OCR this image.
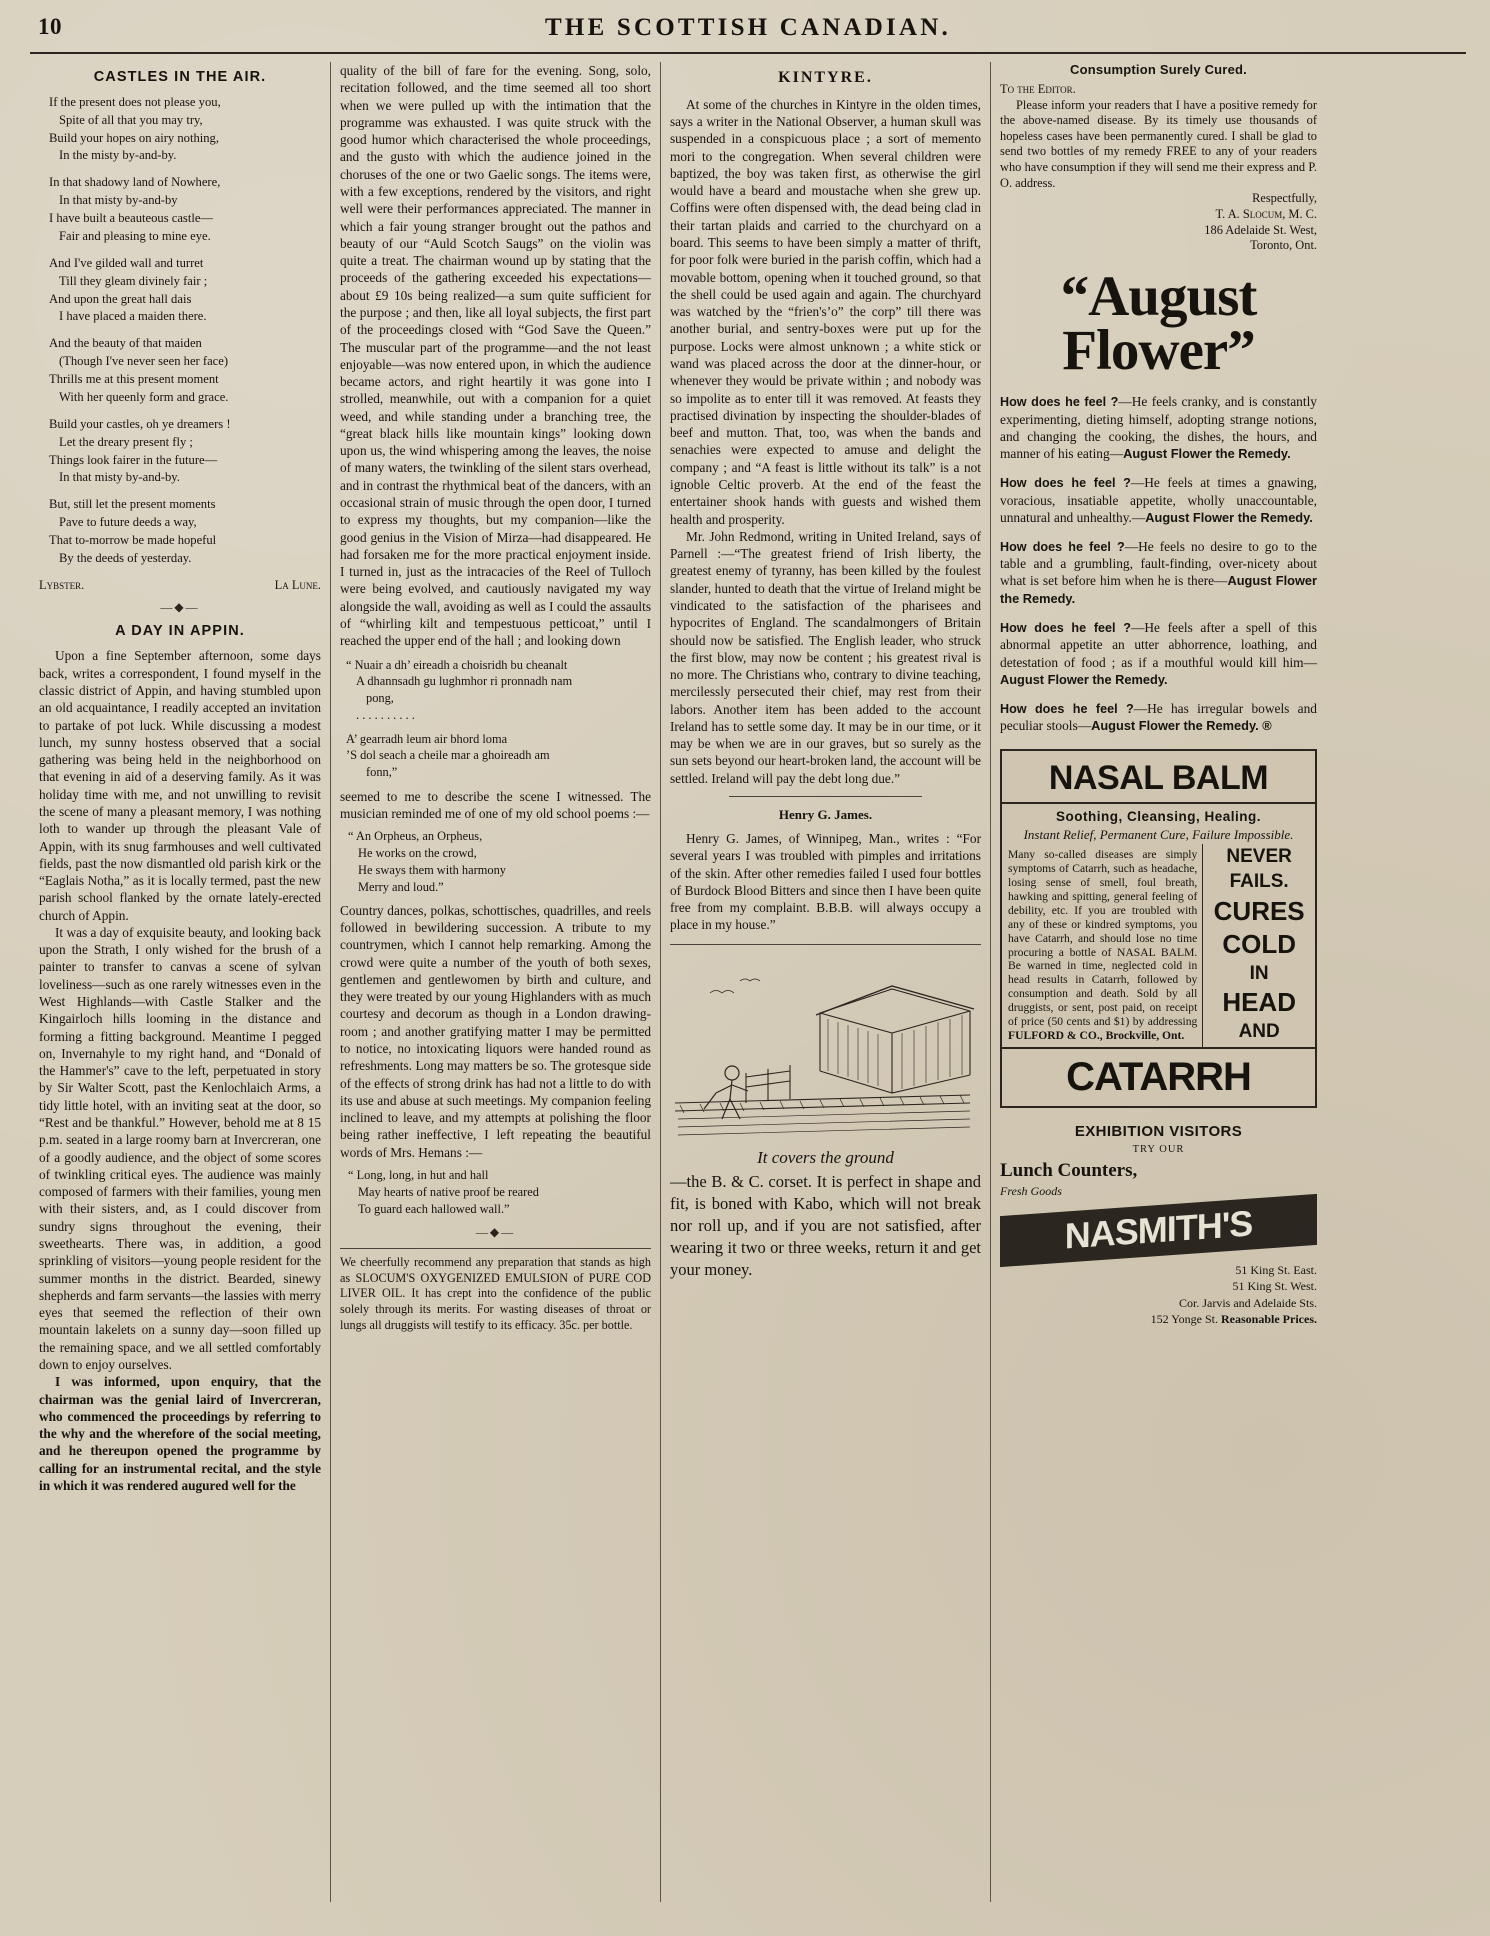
10	THE SCOTTISH CANADIAN.
CASTLES IN THE AIR.
If the present does not please you,
Spite of all that you may try,
Build your hopes on airy nothing,
In the misty by-and-by.
In that shadowy land of Nowhere,
In that misty by-and-by
I have built a beauteous castle—
Fair and pleasing to mine eye.
And I've gilded wall and turret
Till they gleam divinely fair ;
And upon the great hall dais
I have placed a maiden there.
And the beauty of that maiden
(Though I've never seen her face)
Thrills me at this present moment
With her queenly form and grace.
Build your castles, oh ye dreamers !
Let the dreary present fly ;
Things look fairer in the future—
In that misty by-and-by.
But, still let the present moments
Pave to future deeds a way,
That to-morrow be made hopeful
By the deeds of yesterday.
Lybster.	La Lune.
—◆—
A DAY IN APPIN.

Upon a fine September afternoon, some days back, writes a correspondent, I found myself in the classic district of Appin, and having stumbled upon an old acquaintance, I readily accepted an invitation to partake of pot luck. While discussing a modest lunch, my sunny hostess observed that a social gathering was being held in the neighborhood on that evening in aid of a deserving family. As it was holiday time with me, and not unwilling to revisit the scene of many a pleasant memory, I was nothing loth to wander up through the pleasant Vale of Appin, with its snug farmhouses and well cultivated fields, past the now dismantled old parish kirk or the “Eaglais Notha,” as it is locally termed, past the new parish school flanked by the ornate lately-erected church of Appin.

It was a day of exquisite beauty, and looking back upon the Strath, I only wished for the brush of a painter to transfer to canvas a scene of sylvan loveliness—such as one rarely witnesses even in the West Highlands—with Castle Stalker and the Kingairloch hills looming in the distance and forming a fitting background. Meantime I pegged on, Invernahyle to my right hand, and “Donald of the Hammer's” cave to the left, perpetuated in story by Sir Walter Scott, past the Kenlochlaich Arms, a tidy little hotel, with an inviting seat at the door, so “Rest and be thankful.” However, behold me at 8 15 p.m. seated in a large roomy barn at Invercreran, one of a goodly audience, and the object of some scores of twinkling critical eyes. The audience was mainly composed of farmers with their families, young men with their sisters, and, as I could discover from sundry signs throughout the evening, their sweethearts. There was, in addition, a good sprinkling of visitors—young people resident for the summer months in the district. Bearded, sinewy shepherds and farm servants—the lassies with merry eyes that seemed the reflection of their own mountain lakelets on a sunny day—soon filled up the remaining space, and we all settled comfortably down to enjoy ourselves.

I was informed, upon enquiry, that the chairman was the genial laird of Invercreran, who commenced the proceedings by referring to the why and the wherefore of the social meeting, and he thereupon opened the programme by calling for an instrumental recital, and the style in which it was rendered augured well for the

quality of the bill of fare for the evening. Song, solo, recitation followed, and the time seemed all too short when we were pulled up with the intimation that the programme was exhausted. I was quite struck with the good humor which characterised the whole proceedings, and the gusto with which the audience joined in the choruses of the one or two Gaelic songs. The items were, with a few exceptions, rendered by the visitors, and right well were their performances appreciated. The manner in which a fair young stranger brought out the pathos and beauty of our “Auld Scotch Saugs” on the violin was quite a treat. The chairman wound up by stating that the proceeds of the gathering exceeded his expectations—about £9 10s being realized—a sum quite sufficient for the purpose ; and then, like all loyal subjects, the first part of the proceedings closed with “God Save the Queen.” The muscular part of the programme—and the not least enjoyable—was now entered upon, in which the audience became actors, and right heartily it was gone into I strolled, meanwhile, out with a companion for a quiet weed, and while standing under a branching tree, the “great black hills like mountain kings” looking down upon us, the wind whispering among the leaves, the noise of many waters, the twinkling of the silent stars overhead, and in contrast the rhythmical beat of the dancers, with an occasional strain of music through the open door, I turned to express my thoughts, but my companion—like the good genius in the Vision of Mirza—had disappeared. He had forsaken me for the more practical enjoyment inside. I turned in, just as the intracacies of the Reel of Tulloch were being evolved, and cautiously navigated my way alongside the wall, avoiding as well as I could the assaults of “whirling kilt and tempestuous petticoat,” until I reached the upper end of the hall ; and looking down

“ Nuair a dh’ eireadh a choisridh bu cheanalt
A dhannsadh gu lughmhor ri pronnadh nam
pong,
. . . . . . . . . .
A’ gearradh leum air bhord loma
’S dol seach a cheile mar a ghoireadh am
fonn,”

seemed to me to describe the scene I witnessed. The musician reminded me of one of my old school poems :—

“ An Orpheus, an Orpheus,
He works on the crowd,
He sways them with harmony
Merry and loud.”

Country dances, polkas, schottisches, quadrilles, and reels followed in bewildering succession. A tribute to my countrymen, which I cannot help remarking. Among the crowd were quite a number of the youth of both sexes, gentlemen and gentlewomen by birth and culture, and they were treated by our young Highlanders with as much courtesy and decorum as though in a London drawing-room ; and another gratifying matter I may be permitted to notice, no intoxicating liquors were handed round as refreshments. Long may matters be so. The grotesque side of the effects of strong drink has had not a little to do with its use and abuse at such meetings. My companion feeling inclined to leave, and my attempts at polishing the floor being rather ineffective, I left repeating the beautiful words of Mrs. Hemans :—

“ Long, long, in hut and hall
May hearts of native proof be reared
To guard each hallowed wall.”
—◆—
We cheerfully recommend any preparation that stands as high as SLOCUM'S OXYGENIZED EMULSION of PURE COD LIVER OIL. It has crept into the confidence of the public solely through its merits. For wasting diseases of throat or lungs all druggists will testify to its efficacy. 35c. per bottle.
KINTYRE.

At some of the churches in Kintyre in the olden times, says a writer in the National Observer, a human skull was suspended in a conspicuous place ; a sort of memento mori to the congregation. When several children were baptized, the boy was taken first, as otherwise the girl would have a beard and moustache when she grew up. Coffins were often dispensed with, the dead being clad in their tartan plaids and carried to the churchyard on a board. This seems to have been simply a matter of thrift, for poor folk were buried in the parish coffin, which had a movable bottom, opening when it touched ground, so that the shell could be used again and again. The churchyard was watched by the “frien's’o” the corp” till there was another burial, and sentry-boxes were put up for the purpose. Locks were almost unknown ; a white stick or wand was placed across the door at the dinner-hour, or whenever they would be private within ; and nobody was so impolite as to enter till it was removed. At feasts they practised divination by inspecting the shoulder-blades of beef and mutton. That, too, was when the bands and senachies were expected to amuse and delight the company ; and “A feast is little without its talk” is a not ignoble Celtic proverb. At the end of the feast the entertainer shook hands with guests and wished them health and prosperity.

Mr. John Redmond, writing in United Ireland, says of Parnell :—“The greatest friend of Irish liberty, the greatest enemy of tyranny, has been killed by the foulest slander, hunted to death that the virtue of Ireland might be vindicated to the satisfaction of the pharisees and hypocrites of England. The scandalmongers of Britain should now be satisfied. The English leader, who struck the first blow, may now be content ; his greatest rival is no more. The Christians who, contrary to divine teaching, mercilessly persecuted their chief, may rest from their labors. Another item has been added to the account Ireland has to settle some day. It may be in our time, or it may be when we are in our graves, but so surely as the sun sets beyond our heart-broken land, the account will be settled. Ireland will pay the debt long due.”

Henry G. James.

Henry G. James, of Winnipeg, Man., writes : “For several years I was troubled with pimples and irritations of the skin. After other remedies failed I used four bottles of Burdock Blood Bitters and since then I have been quite free from my complaint. B.B.B. will always occupy a place in my house.”

It covers the ground
—the B. & C. corset. It is perfect in shape and fit, is boned with Kabo, which will not break nor roll up, and if you are not satisfied, after wearing it two or three weeks, return it and get your money.
Consumption Surely Cured.
To the Editor.

Please inform your readers that I have a positive remedy for the above-named disease. By its timely use thousands of hopeless cases have been permanently cured. I shall be glad to send two bottles of my remedy FREE to any of your readers who have consumption if they will send me their express and P. O. address.

Respectfully,
T. A. Slocum, M. C.
186 Adelaide St. West,
Toronto, Ont.
“August
Flower”
How does he feel ?—He feels cranky, and is constantly experimenting, dieting himself, adopting strange notions, and changing the cooking, the dishes, the hours, and manner of his eating—August Flower the Remedy.
How does he feel ?—He feels at times a gnawing, voracious, insatiable appetite, wholly unaccountable, unnatural and unhealthy.—August Flower the Remedy.
How does he feel ?—He feels no desire to go to the table and a grumbling, fault-finding, over-nicety about what is set before him when he is there—August Flower the Remedy.
How does he feel ?—He feels after a spell of this abnormal appetite an utter abhorrence, loathing, and detestation of food ; as if a mouthful would kill him—August Flower the Remedy.
How does he feel ?—He has irregular bowels and peculiar stools—August Flower the Remedy. ®
NASAL BALM
Soothing, Cleansing, Healing.
Instant Relief, Permanent Cure, Failure Impossible.
Many so-called diseases are simply symptoms of Catarrh, such as headache, losing sense of smell, foul breath, hawking and spitting, general feeling of debility, etc. If you are troubled with any of these or kindred symptoms, you have Catarrh, and should lose no time procuring a bottle of NASAL BALM. Be warned in time, neglected cold in head results in Catarrh, followed by consumption and death. Sold by all druggists, or sent, post paid, on receipt of price (50 cents and $1) by addressing FULFORD & CO., Brockville, Ont.
NEVER
FAILS.
CURES
COLD
IN
HEAD
AND
CATARRH
EXHIBITION VISITORS
TRY OUR
Lunch Counters,
Fresh Goods
NASMITH'S
51 King St. East.
51 King St. West.
Cor. Jarvis and Adelaide Sts.
152 Yonge St. Reasonable Prices.
